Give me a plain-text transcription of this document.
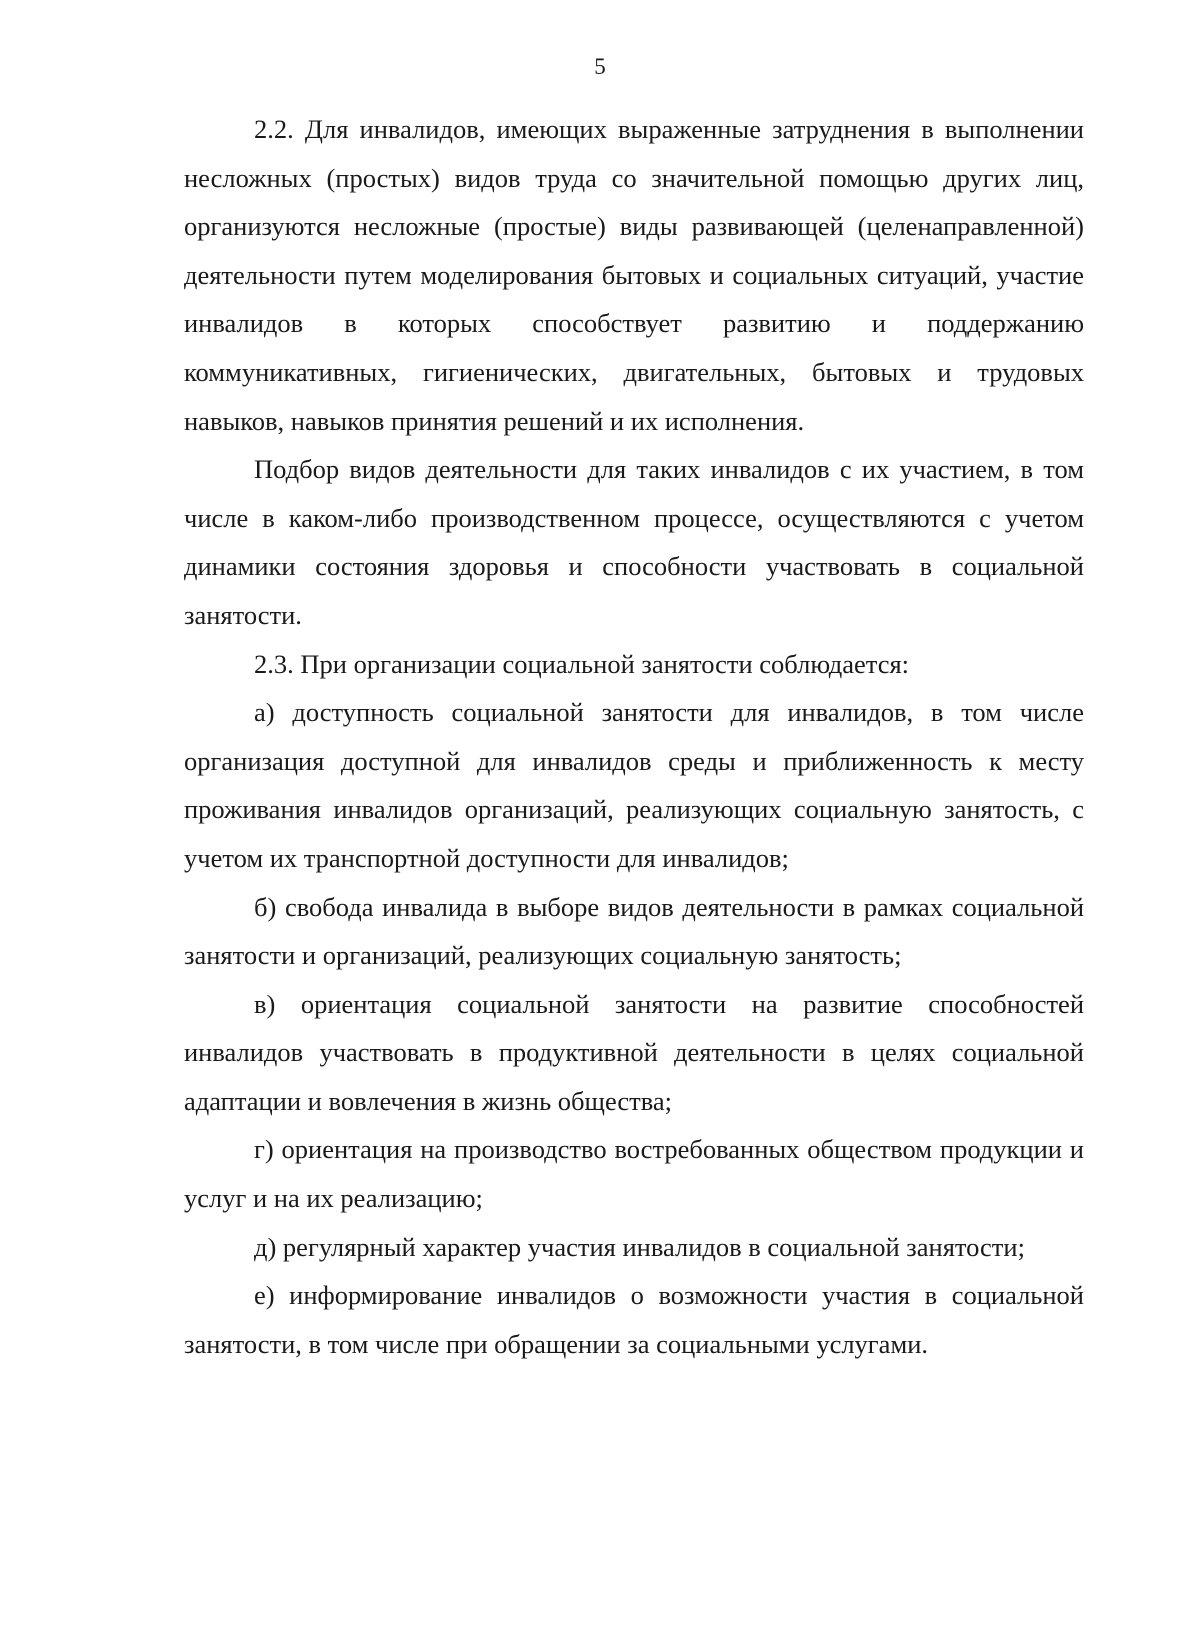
5

2.2. Для инвалидов, имеющих выраженные затруднения в выполнении несложных (простых) видов труда со значительной помощью других лиц, организуются несложные (простые) виды развивающей (целенаправленной) деятельности путем моделирования бытовых и социальных ситуаций, участие инвалидов в которых способствует развитию и поддержанию коммуникативных, гигиенических, двигательных, бытовых и трудовых навыков, навыков принятия решений и их исполнения.

Подбор видов деятельности для таких инвалидов с их участием, в том числе в каком-либо производственном процессе, осуществляются с учетом динамики состояния здоровья и способности участвовать в социальной занятости.

2.3. При организации социальной занятости соблюдается:

а) доступность социальной занятости для инвалидов, в том числе организация доступной для инвалидов среды и приближенность к месту проживания инвалидов организаций, реализующих социальную занятость, с учетом их транспортной доступности для инвалидов;

б) свобода инвалида в выборе видов деятельности в рамках социальной занятости и организаций, реализующих социальную занятость;

в) ориентация социальной занятости на развитие способностей инвалидов участвовать в продуктивной деятельности в целях социальной адаптации и вовлечения в жизнь общества;

г) ориентация на производство востребованных обществом продукции и услуг и на их реализацию;

д) регулярный характер участия инвалидов в социальной занятости;

е) информирование инвалидов о возможности участия в социальной занятости, в том числе при обращении за социальными услугами.
